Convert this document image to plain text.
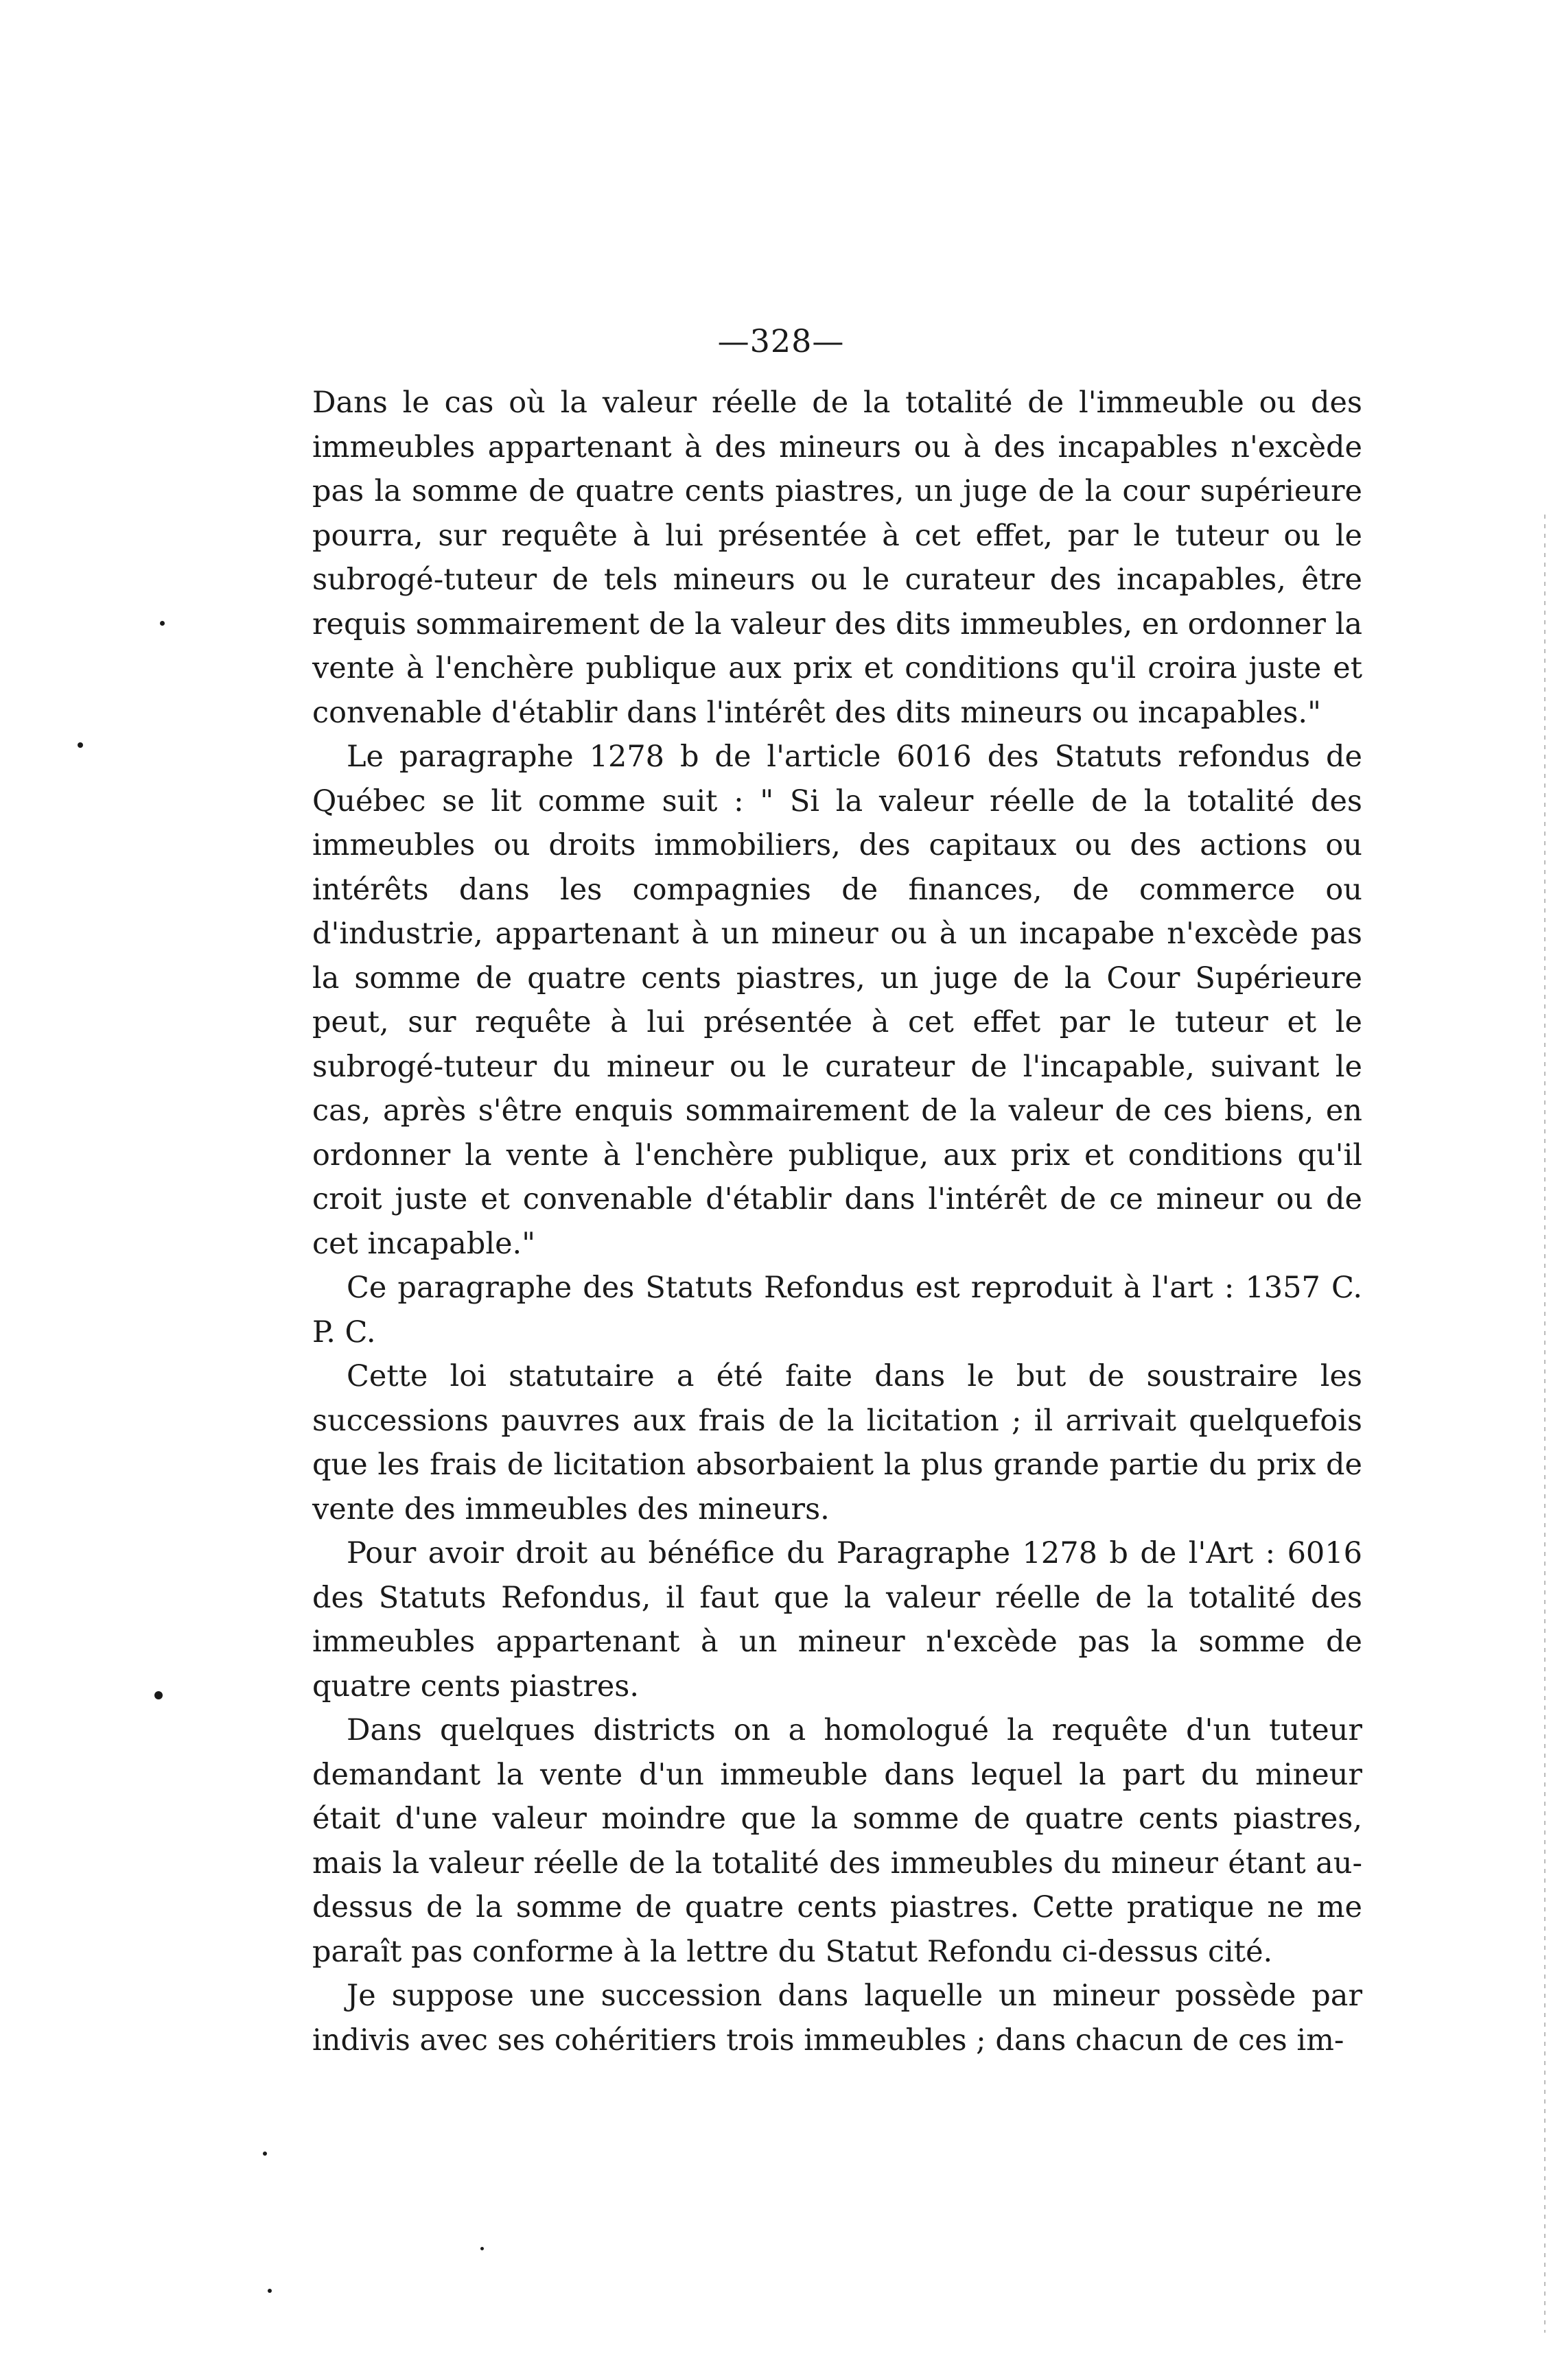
—328—

Dans le cas où la valeur réelle de la totalité de l'immeuble ou des immeubles appartenant à des mineurs ou à des incapables n'excède pas la somme de quatre cents piastres, un juge de la cour supérieure pourra, sur requête à lui présentée à cet effet, par le tuteur ou le subrogé-tuteur de tels mineurs ou le curateur des incapables, être requis sommairement de la valeur des dits immeubles, en ordonner la vente à l'enchère publique aux prix et conditions qu'il croira juste et convenable d'établir dans l'intérêt des dits mineurs ou incapables."

Le paragraphe 1278 b de l'article 6016 des Statuts refondus de Québec se lit comme suit : " Si la valeur réelle de la totalité des immeubles ou droits immobiliers, des capitaux ou des actions ou intérêts dans les compagnies de finances, de commerce ou d'industrie, appartenant à un mineur ou à un incapabe n'excède pas la somme de quatre cents piastres, un juge de la Cour Supérieure peut, sur requête à lui présentée à cet effet par le tuteur et le subrogé-tuteur du mineur ou le curateur de l'incapable, suivant le cas, après s'être enquis sommairement de la valeur de ces biens, en ordonner la vente à l'enchère publique, aux prix et conditions qu'il croit juste et convenable d'établir dans l'intérêt de ce mineur ou de cet incapable."

Ce paragraphe des Statuts Refondus est reproduit à l'art : 1357 C. P. C.

Cette loi statutaire a été faite dans le but de soustraire les successions pauvres aux frais de la licitation ; il arrivait quelquefois que les frais de licitation absorbaient la plus grande partie du prix de vente des immeubles des mineurs.

Pour avoir droit au bénéfice du Paragraphe 1278 b de l'Art : 6016 des Statuts Refondus, il faut que la valeur réelle de la totalité des immeubles appartenant à un mineur n'excède pas la somme de quatre cents piastres.

Dans quelques districts on a homologué la requête d'un tuteur demandant la vente d'un immeuble dans lequel la part du mineur était d'une valeur moindre que la somme de quatre cents piastres, mais la valeur réelle de la totalité des immeubles du mineur étant au-dessus de la somme de quatre cents piastres. Cette pratique ne me paraît pas conforme à la lettre du Statut Refondu ci-dessus cité.

Je suppose une succession dans laquelle un mineur possède par indivis avec ses cohéritiers trois immeubles ; dans chacun de ces im-
